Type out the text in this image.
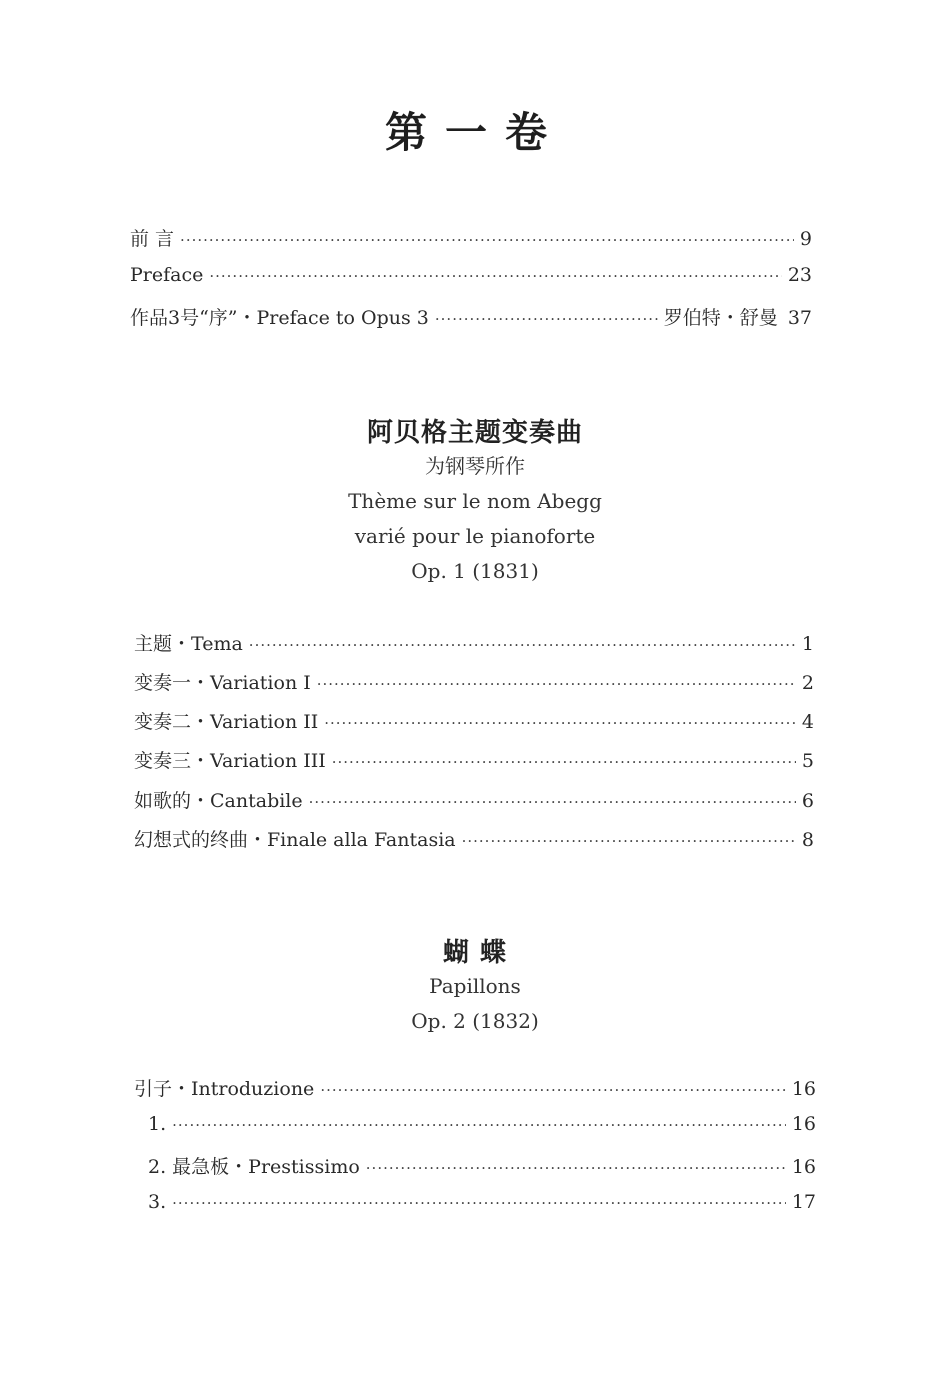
第一卷
前 言 ·····	9
Preface ·····	23
作品3号“序”・Preface to Opus 3 ·····	罗伯特・舒曼 37
阿贝格主题变奏曲
为钢琴所作
Thème sur le nom Abegg
varié pour le pianoforte
Op. 1 (1831)
主题・Tema ·····	1
变奏一・Variation I ·····	2
变奏二・Variation II ·····	4
变奏三・Variation III ·····	5
如歌的・Cantabile ·····	6
幻想式的终曲・Finale alla Fantasia ·····	8
蝴 蝶
Papillons
Op. 2 (1832)
引子・Introduzione ·····	16
1. ·····	16
2. 最急板・Prestissimo ·····	16
3. ·····	17
